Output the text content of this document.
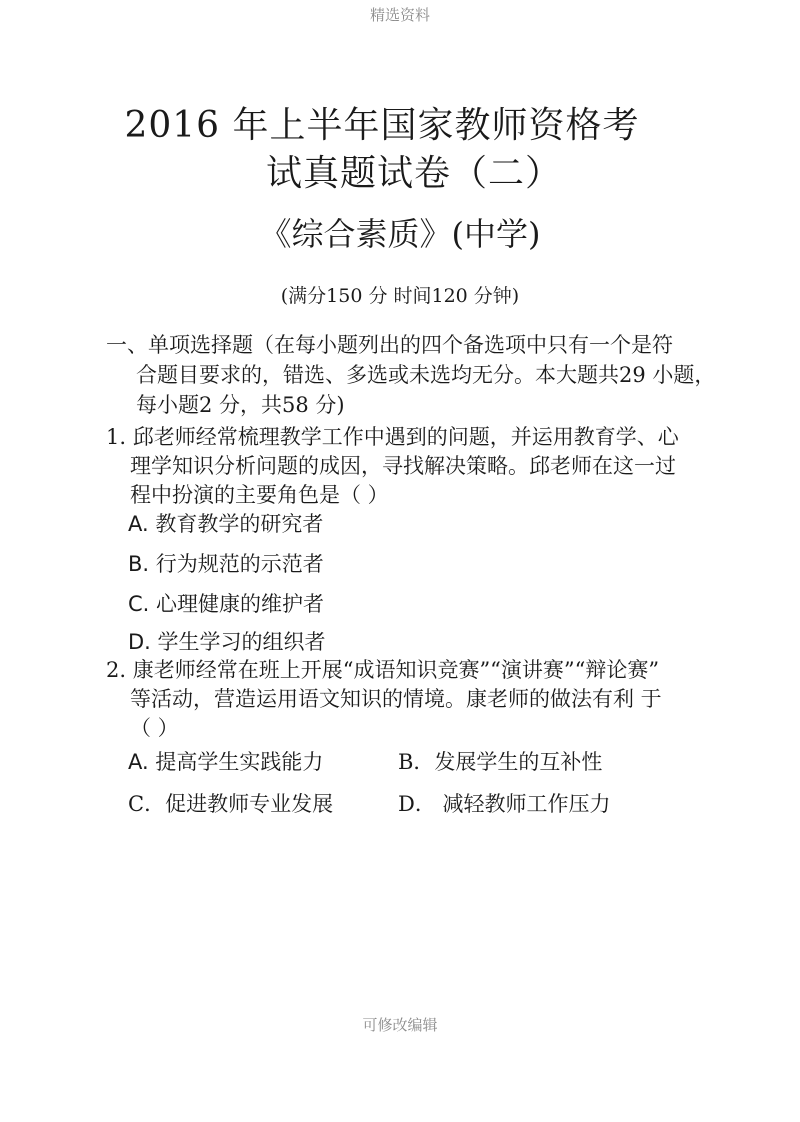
精选资料
2016 年上半年国家教师资格考
试真题试卷（二）
《综合素质》(中学)
(满分150 分 时间120 分钟)
一、单项选择题（在每小题列出的四个备选项中只有一个是符
合题目要求的，错选、多选或未选均无分。本大题共29 小题，
每小题2 分，共58 分)
1. 邱老师经常梳理教学工作中遇到的问题，并运用教育学、心
理学知识分析问题的成因，寻找解决策略。邱老师在这一过
程中扮演的主要角色是（ ）
A. 教育教学的研究者
B. 行为规范的示范者
C. 心理健康的维护者
D. 学生学习的组织者
2. 康老师经常在班上开展“成语知识竞赛”“演讲赛”“辩论赛”
等活动，营造运用语文知识的情境。康老师的做法有利 于
（ ）
A. 提高学生实践能力	B．发展学生的互补性
C．促进教师专业发展	D． 减轻教师工作压力
可修改编辑
